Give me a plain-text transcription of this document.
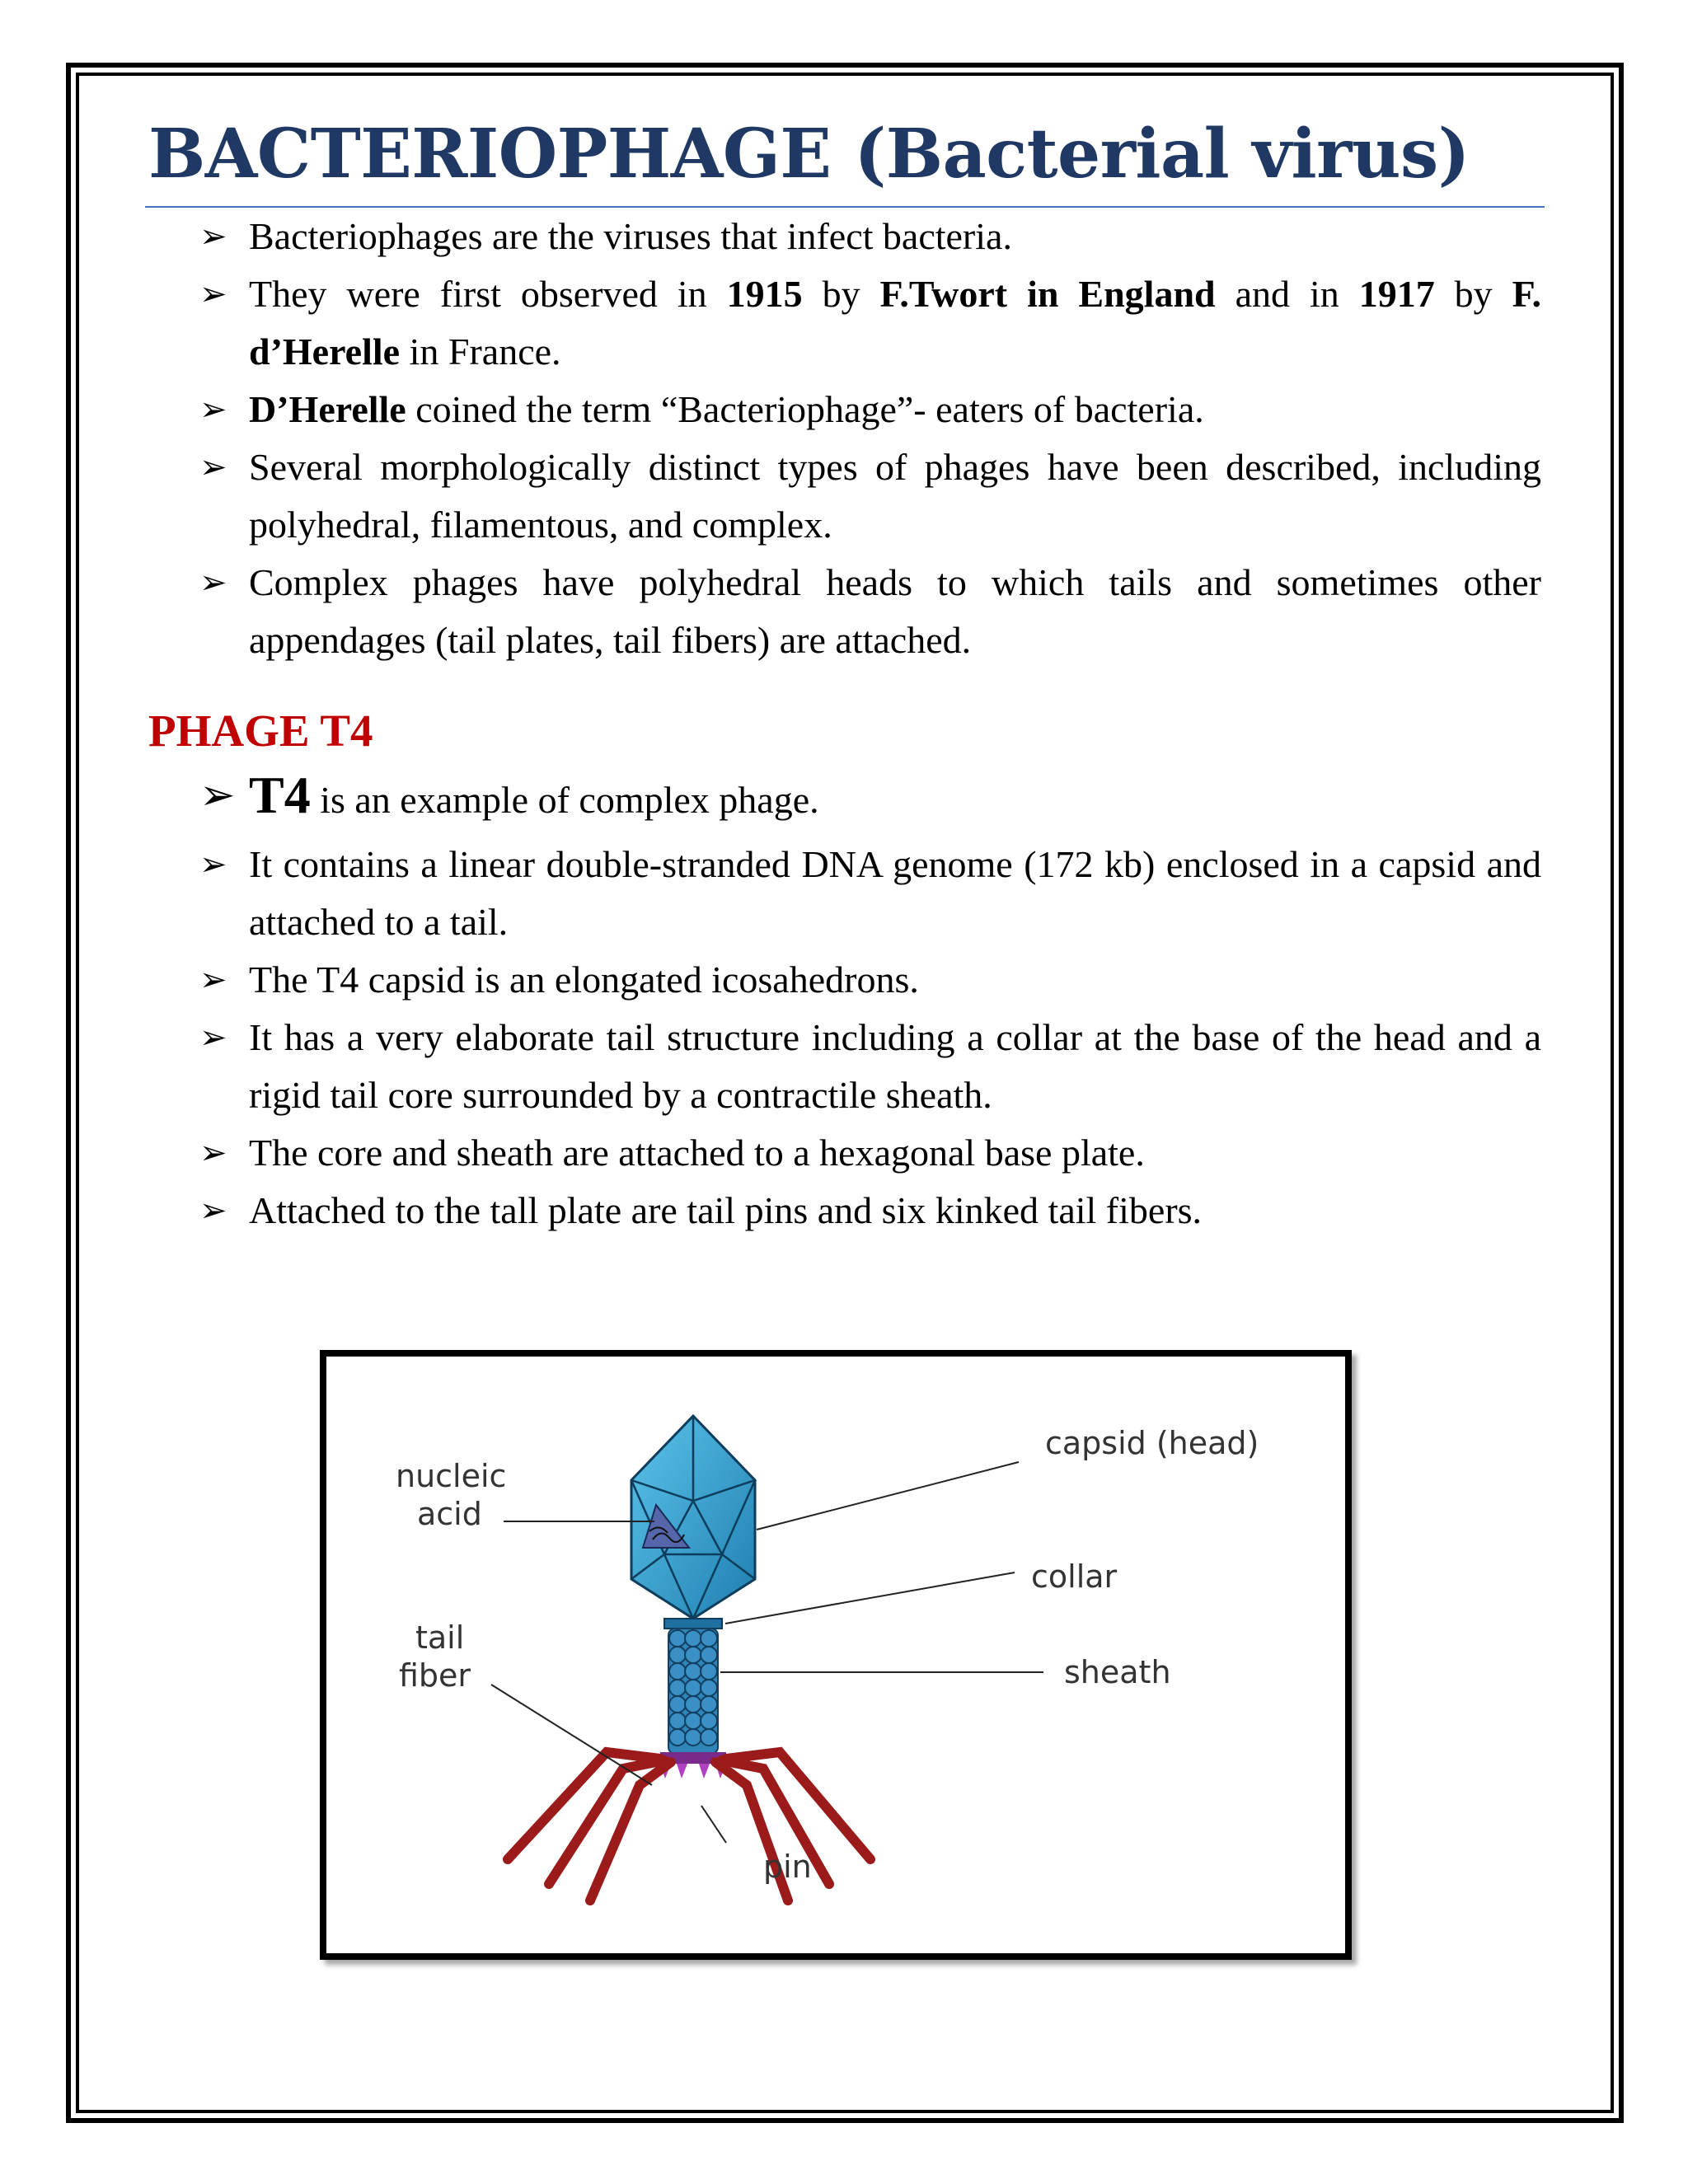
BACTERIOPHAGE (Bacterial virus)
➢ Bacteriophages are the viruses that infect bacteria.
➢ They were first observed in 1915 by F.Twort in England and in 1917 by F. d’Herelle in France.
➢ D’Herelle coined the term “Bacteriophage”- eaters of bacteria.
➢ Several morphologically distinct types of phages have been described, including polyhedral, filamentous, and complex.
➢ Complex phages have polyhedral heads to which tails and sometimes other appendages (tail plates, tail fibers) are attached.
PHAGE T4
➢ T4 is an example of complex phage.
➢ It contains a linear double-stranded DNA genome (172 kb) enclosed in a capsid and attached to a tail.
➢ The T4 capsid is an elongated icosahedrons.
➢ It has a very elaborate tail structure including a collar at the base of the head and a rigid tail core surrounded by a contractile sheath.
➢ The core and sheath are attached to a hexagonal base plate.
➢ Attached to the tall plate are tail pins and six kinked tail fibers.
capsid (head)
nucleic
acid
collar
tail
fiber	sheath
pin
